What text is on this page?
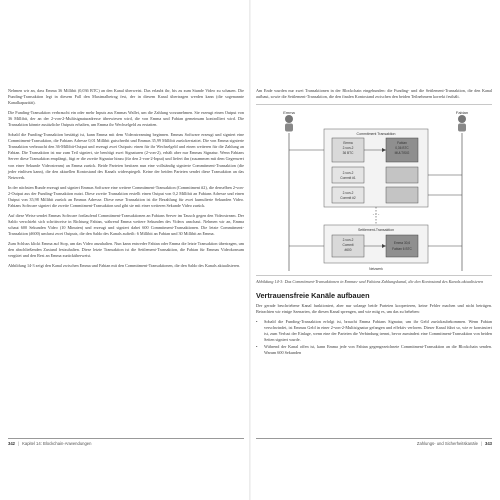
Nehmen wir an, dass Emma 36 Millibit (0,036 BTC) an den Kanal überweist. Das erlaubt ihr, bis zu zum Stunde Video zu schauen. Die Funding-Transaktion legt in diesem Fall den Maximalbetrag fest, der in diesem Kanal übertragen werden kann (die sogenannte Kanalkapazität).

Die Funding-Transaktion verbraucht ein oder mehr Inputs aus Emmas Wallet, um die Zahlung vorzunehmen. Sie erzeugt einen Output von 36 Millibit, der an der 2-von-2-Multisignaturadresse überwiesen wird, die von Emma und Fabian gemeinsam kontrolliert wird. Die Transaktion könnte zusätzliche Outputs erhalten, um Emma ihr Wechselgeld zu erstatten.

Sobald die Funding-Transaktion bestätigt ist, kann Emma mit dem Videostreaming beginnen. Emmas Software erzeugt und signiert eine Commitment-Transaktion, die Fabians Adresse 0,01 Millibit gutschreibt und Emmas 35,99 Millibit zurückerstattet. Die von Emma signierte Transaktion verbraucht den 36-Millibit-Output und erzeugt zwei Outputs: einen für ihr Wechselgeld und einen weiteren für die Zahlung an Fabian. Die Transaktion ist nur zum Teil signiert, sie benötigt zwei Signaturen (2-von-2), erhält aber nur Emmas Signatur. Wenn Fabians Server diese Transaktion empfängt, fügt er die zweite Signatur hinzu (für den 2-von-2-Input) und liefert ihn (zusammen mit dem Gegenwert von einer Sekunde Videostream) an Emma zurück. Beide Parteien besitzen nun eine vollständig signierte Commitment-Transaktion (die jeder einlösen kann), die den aktuellen Kontostand des Kanals widerspiegelt. Keine der beiden Parteien sendet diese Transaktion an das Netzwerk.

In der nächsten Runde erzeugt und signiert Emmas Software eine weitere Commitment-Transaktion (Commitment #2), die denselben 2-von-2-Output aus der Funding-Transaktion nutzt. Diese zweite Transaktion erstellt einen Output von 0,2 Millibit an Fabians Adresse und einen Output von 35,98 Millibit zurück an Emmas Adresse. Diese neue Transaktion ist die Bezahlung für zwei kumulierte Sekunden Video. Fabians Software signiert die zweite Commitment-Transaktion und gibt sie mit einer weiteren Sekunde Video zurück.

Auf diese Weise sendet Emmas Software fortlaufend Commitment-Transaktionen an Fabians Server im Tausch gegen den Videostream. Der Saldo verschiebt sich schrittweise in Richtung Fabian, während Emma weitere Sekunden des Videos anschaut. Nehmen wir an, Emma schaut 600 Sekunden Video (10 Minuten) und erzeugt und signiert dabei 600 Commitment-Transaktionen. Die letzte Commitment-Transaktion (#600) umfasst zwei Outputs, die den Saldo des Kanals aufteilt: 6 Millibit an Fabian und 30 Millibit an Emma.

Zum Schluss klickt Emma auf Stop, um das Video anzuhalten. Nun kann entweder Fabian oder Emma die letzte Transaktion übertragen, um den abschließenden Zustand festzuhalten. Diese letzte Transaktion ist die Settlement-Transaktion, die Fabian für Emmas Videokonsum vergütet und den Rest an Emma zurücküberweist.

Abbildung 14-3 zeigt den Kanal zwischen Emma und Fabian mit den Commitment-Transaktionen, die den Saldo des Kanals aktualisieren.

342 | Kapitel 14: Blockchain-Anwendungen

Am Ende wurden nur zwei Transaktionen in der Blockchain eingebunden: die Funding- und die Settlement-Transaktion, die den Kanal aufbaut, sowie die Settlement-Transaktion, die den finalen Kontostand zwischen den beiden Teilnehmern korrekt festhält.

Emma	Fabian
Commitment Transaktion
Emma
2-von-2
36 BTC
Fabian
0,36 BTC
MULTISIG
2-von-2
Commit #1
2-von-2
Commit #2
. . .
Settlement-Transaktion
2-von-2
Commit
#600
Emma 30,6
Fabian 6 BTC
Netzwerk

Abbildung 14-3: Das Commitment-Transaktionen in Emmas- und Fabians Zahlungskanal, die den Kontostand des Kanals aktualisieren

Vertrauensfreie Kanäle aufbauen

Der gerade beschriebene Kanal funktioniert, aber nur solange beide Parteien kooperieren, keine Fehler machen und nicht betrügen. Betrachten wir einige Szenarien, die diesen Kanal sprengen, und wie mitg es, um das zu beheben:

•	Sobald die Funding-Transaktion erfolgt ist, braucht Emma Fabians Signatur, um ihr Geld zurückzubekommen. Wenn Fabian verschwindet, ist Emmas Geld in einer 2-von-2-Multisignatur gefangen und effektiv verloren. Dieser Kanal führt so, wie er konstruiert ist, zum Verlust der Einlage, wenn eine der Parteien die Verbindung trennt, bevor zumindest eine Commitment-Transaktion von beiden Seiten signiert wurde.
•	Während der Kanal offen ist, kann Emma jede von Fabian gegengezeichnete Commitment-Transaktion an die Blockchain senden. Warum 600 Sekunden
Zahlungs- und Sicherheitskanäle | 343
